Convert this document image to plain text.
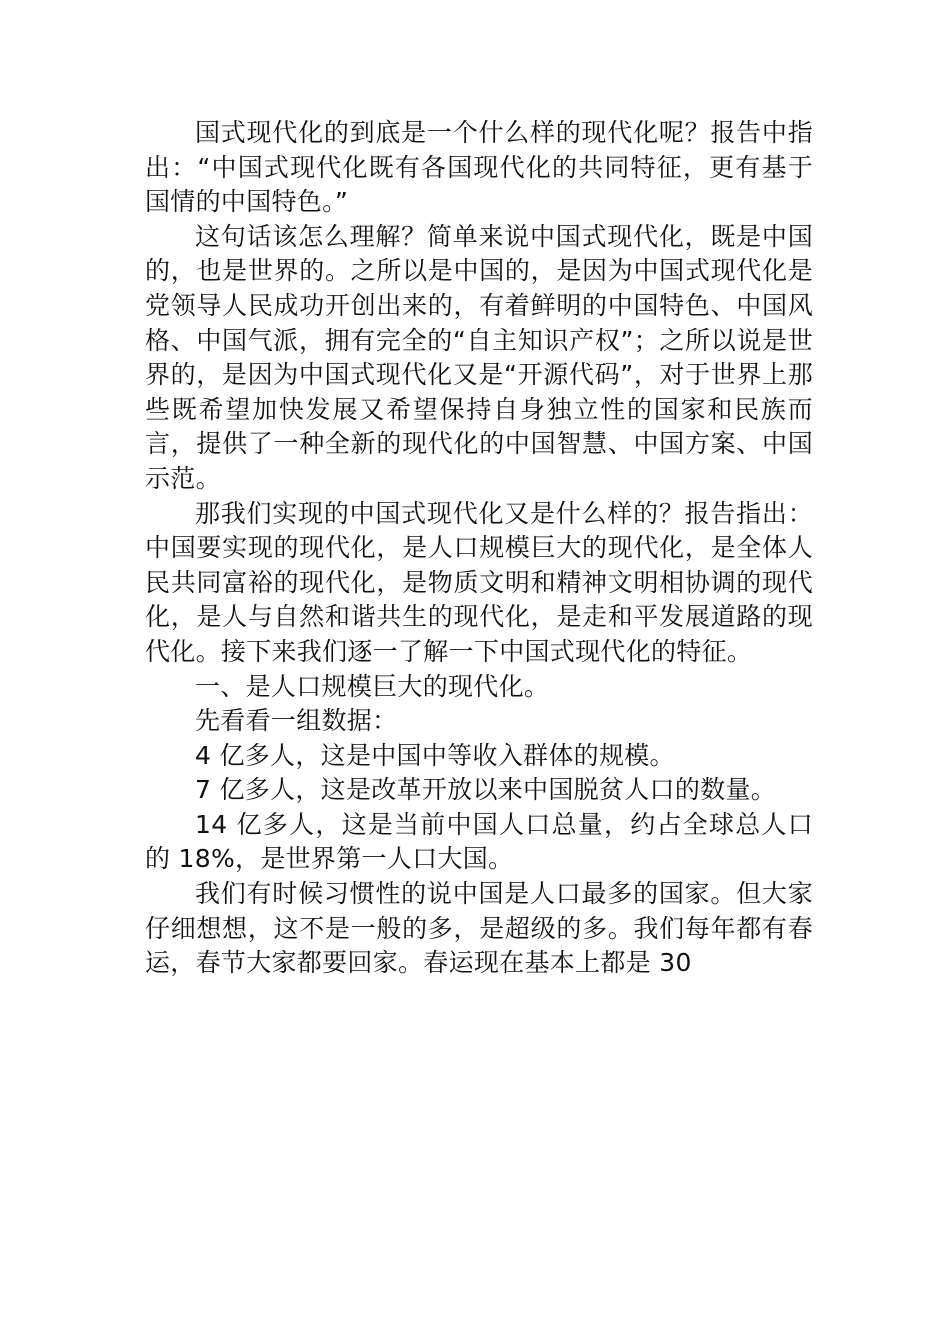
国式现代化的到底是一个什么样的现代化呢？报告中指出：“中国式现代化既有各国现代化的共同特征，更有基于国情的中国特色。”

这句话该怎么理解？简单来说中国式现代化，既是中国的，也是世界的。之所以是中国的，是因为中国式现代化是党领导人民成功开创出来的，有着鲜明的中国特色、中国风格、中国气派，拥有完全的“自主知识产权”；之所以说是世界的，是因为中国式现代化又是“开源代码”，对于世界上那些既希望加快发展又希望保持自身独立性的国家和民族而言，提供了一种全新的现代化的中国智慧、中国方案、中国示范。

那我们实现的中国式现代化又是什么样的？报告指出：中国要实现的现代化，是人口规模巨大的现代化，是全体人民共同富裕的现代化，是物质文明和精神文明相协调的现代化，是人与自然和谐共生的现代化，是走和平发展道路的现代化。接下来我们逐一了解一下中国式现代化的特征。

一、是人口规模巨大的现代化。

先看看一组数据：

4 亿多人，这是中国中等收入群体的规模。

7 亿多人，这是改革开放以来中国脱贫人口的数量。

14 亿多人，这是当前中国人口总量，约占全球总人口的 18%，是世界第一人口大国。

我们有时候习惯性的说中国是人口最多的国家。但大家仔细想想，这不是一般的多，是超级的多。我们每年都有春运，春节大家都要回家。春运现在基本上都是 30
